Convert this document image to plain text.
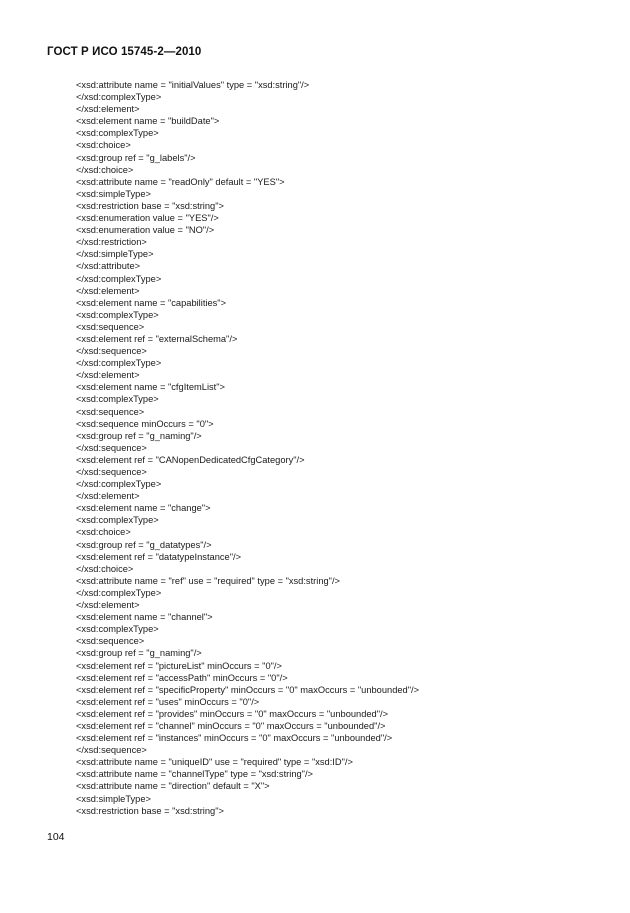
ГОСТ Р ИСО 15745-2—2010
<xsd:attribute name = "initialValues" type = "xsd:string"/>
</xsd:complexType>
</xsd:element>
<xsd:element name = "buildDate">
<xsd:complexType>
<xsd:choice>
<xsd:group ref = "g_labels"/>
</xsd:choice>
<xsd:attribute name = "readOnly" default = "YES">
<xsd:simpleType>
<xsd:restriction base = "xsd:string">
<xsd:enumeration value = "YES"/>
<xsd:enumeration value = "NO"/>
</xsd:restriction>
</xsd:simpleType>
</xsd:attribute>
</xsd:complexType>
</xsd:element>
<xsd:element name = "capabilities">
<xsd:complexType>
<xsd:sequence>
<xsd:element ref = "externalSchema"/>
</xsd:sequence>
</xsd:complexType>
</xsd:element>
<xsd:element name = "cfgItemList">
<xsd:complexType>
<xsd:sequence>
<xsd:sequence minOccurs = "0">
<xsd:group ref = "g_naming"/>
</xsd:sequence>
<xsd:element ref = "CANopenDedicatedCfgCategory"/>
</xsd:sequence>
</xsd:complexType>
</xsd:element>
<xsd:element name = "change">
<xsd:complexType>
<xsd:choice>
<xsd:group ref = "g_datatypes"/>
<xsd:element ref = "datatypeInstance"/>
</xsd:choice>
<xsd:attribute name = "ref" use = "required" type = "xsd:string"/>
</xsd:complexType>
</xsd:element>
<xsd:element name = "channel">
<xsd:complexType>
<xsd:sequence>
<xsd:group ref = "g_naming"/>
<xsd:element ref = "pictureList" minOccurs = "0"/>
<xsd:element ref = "accessPath" minOccurs = "0"/>
<xsd:element ref = "specificProperty" minOccurs = "0" maxOccurs = "unbounded"/>
<xsd:element ref = "uses" minOccurs = "0"/>
<xsd:element ref = "provides" minOccurs = "0" maxOccurs = "unbounded"/>
<xsd:element ref = "channel" minOccurs = "0" maxOccurs = "unbounded"/>
<xsd:element ref = "instances" minOccurs = "0" maxOccurs = "unbounded"/>
</xsd:sequence>
<xsd:attribute name = "uniqueID" use = "required" type = "xsd:ID"/>
<xsd:attribute name = "channelType" type = "xsd:string"/>
<xsd:attribute name = "direction" default = "X">
<xsd:simpleType>
<xsd:restriction base = "xsd:string">
104
